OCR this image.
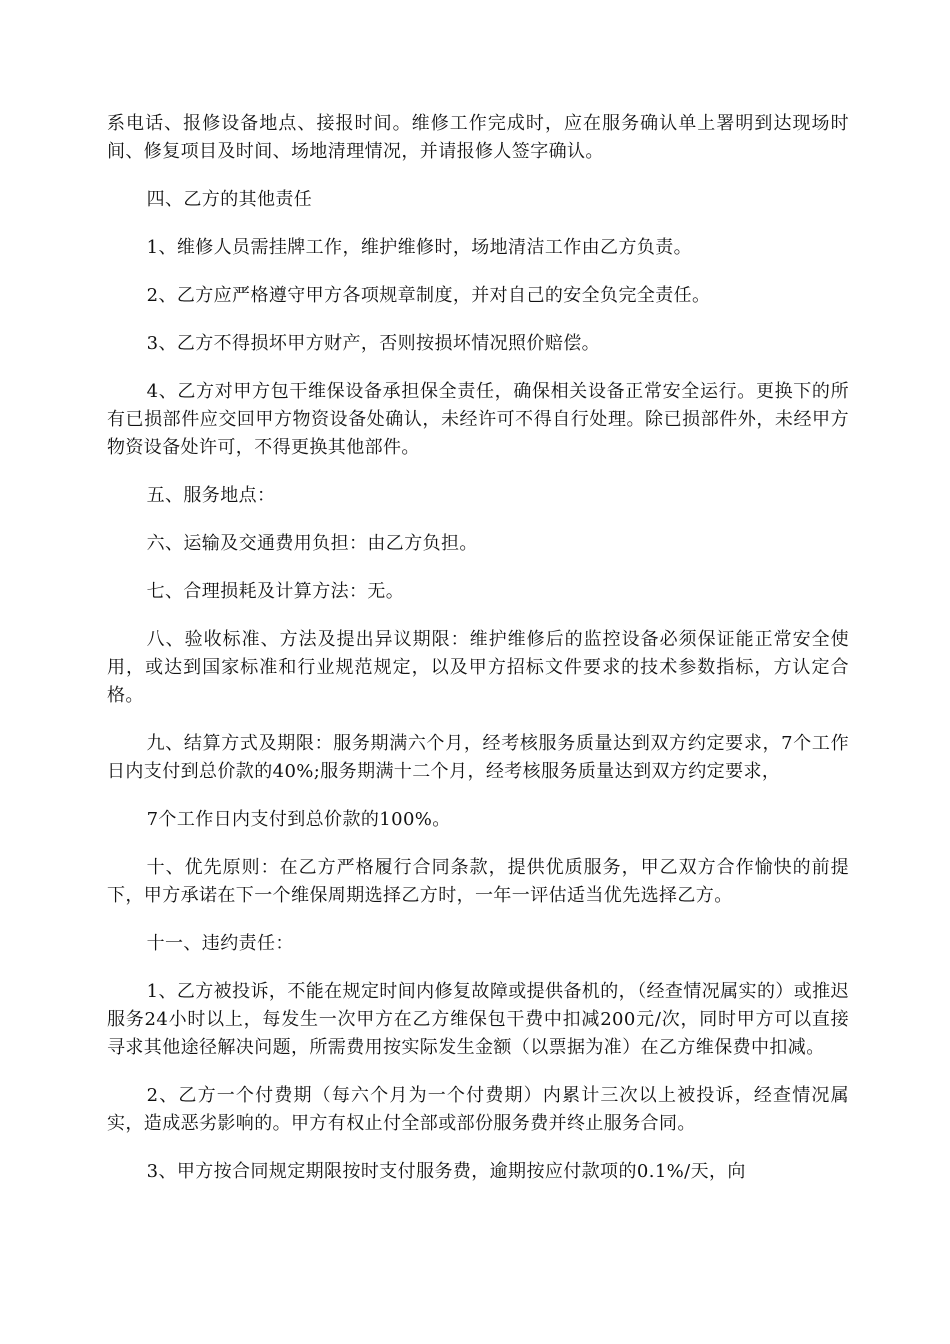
系电话、报修设备地点、接报时间。维修工作完成时，应在服务确认单上署明到达现场时间、修复项目及时间、场地清理情况，并请报修人签字确认。

四、乙方的其他责任

1、维修人员需挂牌工作，维护维修时，场地清洁工作由乙方负责。

2、乙方应严格遵守甲方各项规章制度，并对自己的安全负完全责任。

3、乙方不得损坏甲方财产，否则按损坏情况照价赔偿。

4、乙方对甲方包干维保设备承担保全责任，确保相关设备正常安全运行。更换下的所有已损部件应交回甲方物资设备处确认，未经许可不得自行处理。除已损部件外，未经甲方物资设备处许可，不得更换其他部件。

五、服务地点：

六、运输及交通费用负担：由乙方负担。

七、合理损耗及计算方法：无。

八、验收标准、方法及提出异议期限：维护维修后的监控设备必须保证能正常安全使用，或达到国家标准和行业规范规定，以及甲方招标文件要求的技术参数指标，方认定合格。

九、结算方式及期限：服务期满六个月，经考核服务质量达到双方约定要求，7个工作日内支付到总价款的40%;服务期满十二个月，经考核服务质量达到双方约定要求，

7个工作日内支付到总价款的100%。

十、优先原则：在乙方严格履行合同条款，提供优质服务，甲乙双方合作愉快的前提下，甲方承诺在下一个维保周期选择乙方时，一年一评估适当优先选择乙方。

十一、违约责任：

1、乙方被投诉，不能在规定时间内修复故障或提供备机的，（经查情况属实的）或推迟服务24小时以上，每发生一次甲方在乙方维保包干费中扣减200元/次，同时甲方可以直接寻求其他途径解决问题，所需费用按实际发生金额（以票据为准）在乙方维保费中扣减。

2、乙方一个付费期（每六个月为一个付费期）内累计三次以上被投诉，经查情况属实，造成恶劣影响的。甲方有权止付全部或部份服务费并终止服务合同。

3、甲方按合同规定期限按时支付服务费，逾期按应付款项的0.1%/天，向
